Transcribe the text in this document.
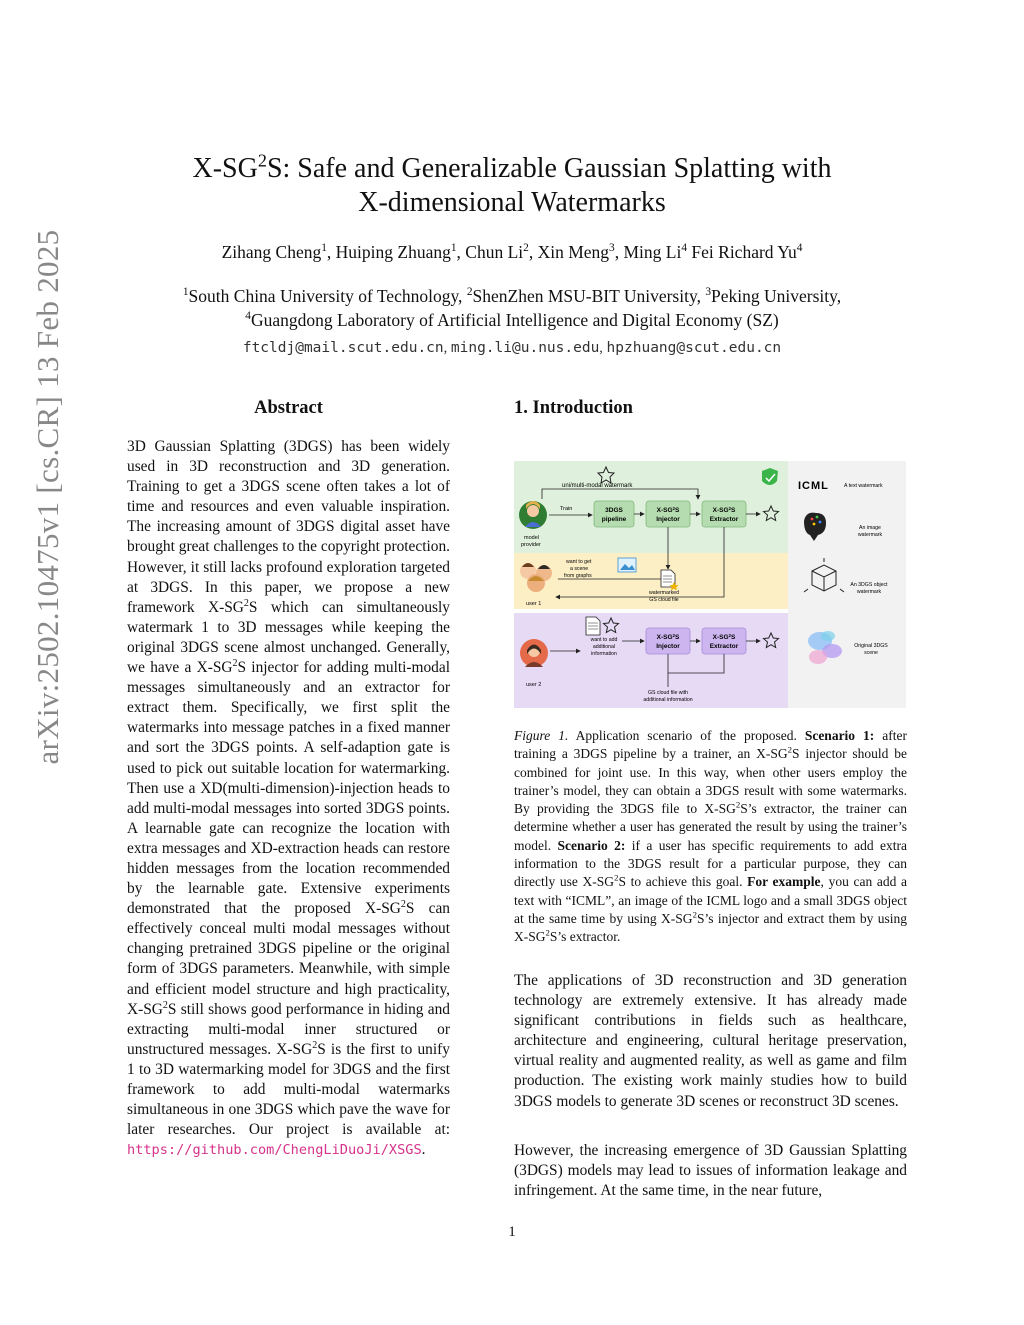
$X-SG^2S$: Safe and Generalizable Gaussian Splatting with
X-dimensional Watermarks
Zihang Cheng$^1$, Huiping Zhuang$^1$, Chun Li$^2$, Xin Meng$^3$, Ming Li$^4$ Fei Richard Yu$^4$
$^1$South China University of Technology, $^2$ShenZhen MSU-BIT University, $^3$Peking University,
$^4$Guangdong Laboratory of Artificial Intelligence and Digital Economy (SZ)
ftcldj@mail.scut.edu.cn, ming.li@u.nus.edu, hpzhuang@scut.edu.cn
arXiv:2502.10475v1 [cs.CR] 13 Feb 2025	Abstract
3D Gaussian Splatting (3DGS) has been widely used in 3D reconstruction and 3D generation. Training to get a 3DGS scene often takes a lot of time and resources and even valuable inspiration. The increasing amount of 3DGS digital asset have brought great challenges to the copyright protection. However, it still lacks profound exploration targeted at 3DGS. In this paper, we propose a new framework $X-SG^2S$ which can simultaneously watermark 1 to 3D messages while keeping the original 3DGS scene almost unchanged. Generally, we have a $X-SG^2S$ injector for adding multi-modal messages simultaneously and an extractor for extract them. Specifically, we first split the watermarks into message patches in a fixed manner and sort the 3DGS points. A self-adaption gate is used to pick out suitable location for watermarking. Then use a XD(multi-dimension)-injection heads to add multi-modal messages into sorted 3DGS points. A learnable gate can recognize the location with extra messages and XD-extraction heads can restore hidden messages from the location recommended by the learnable gate. Extensive experiments demonstrated that the proposed $X-SG^2S$ can effectively conceal multi modal messages without changing pretrained 3DGS pipeline or the original form of 3DGS parameters. Meanwhile, with simple and efficient model structure and high practicality, $X-SG^2S$ still shows good performance in hiding and extracting multi-modal inner structured or unstructured messages. $X-SG^2S$ is the first to unify 1 to 3D watermarking model for 3DGS and the first framework to add multi-modal watermarks simultaneous in one 3DGS which pave the wave for later researches. Our project is available at: https://github.com/ChengLiDuoJi/XSGS.
1. Introduction
uni/multi-modal watermark
model provider
Train	3DGS
pipeline
$X-SG^2S$
Injector
$X-SG^2S$
Extractor
user 1
want to get a scene from graphs
watermarked GS cloud file
user 2
want to add additional information
$X-SG^2S$
Injector
$X-SG^2S$
Extractor
GS cloud file with additional information
ICML	A text watermark
An image watermark
An 3DGS object watermark
Original 3DGS scene
Figure 1. Application scenario of the proposed. Scenario 1: after training a 3DGS pipeline by a trainer, an $X-SG^2S$ injector should be combined for joint use. In this way, when other users employ the trainer’s model, they can obtain a 3DGS result with some watermarks. By providing the 3DGS file to $X-SG^2S’s$ extractor, the trainer can determine whether a user has generated the result by using the trainer’s model. Scenario 2: if a user has specific requirements to add extra information to the 3DGS result for a particular purpose, they can directly use $X-SG^2S$ to achieve this goal. For example, you can add a text with “ICML”, an image of the ICML logo and a small 3DGS object at the same time by using $X-SG^2S’s$ injector and extract them by using $X-SG^2S’s$ extractor.

The applications of 3D reconstruction and 3D generation technology are extremely extensive. It has already made significant contributions in fields such as healthcare, architecture and engineering, cultural heritage preservation, virtual reality and augmented reality, as well as game and film production. The existing work mainly studies how to build 3DGS models to generate 3D scenes or reconstruct 3D scenes.

However, the increasing emergence of 3D Gaussian Splatting (3DGS) models may lead to issues of information leakage and infringement. At the same time, in the near future,

1
